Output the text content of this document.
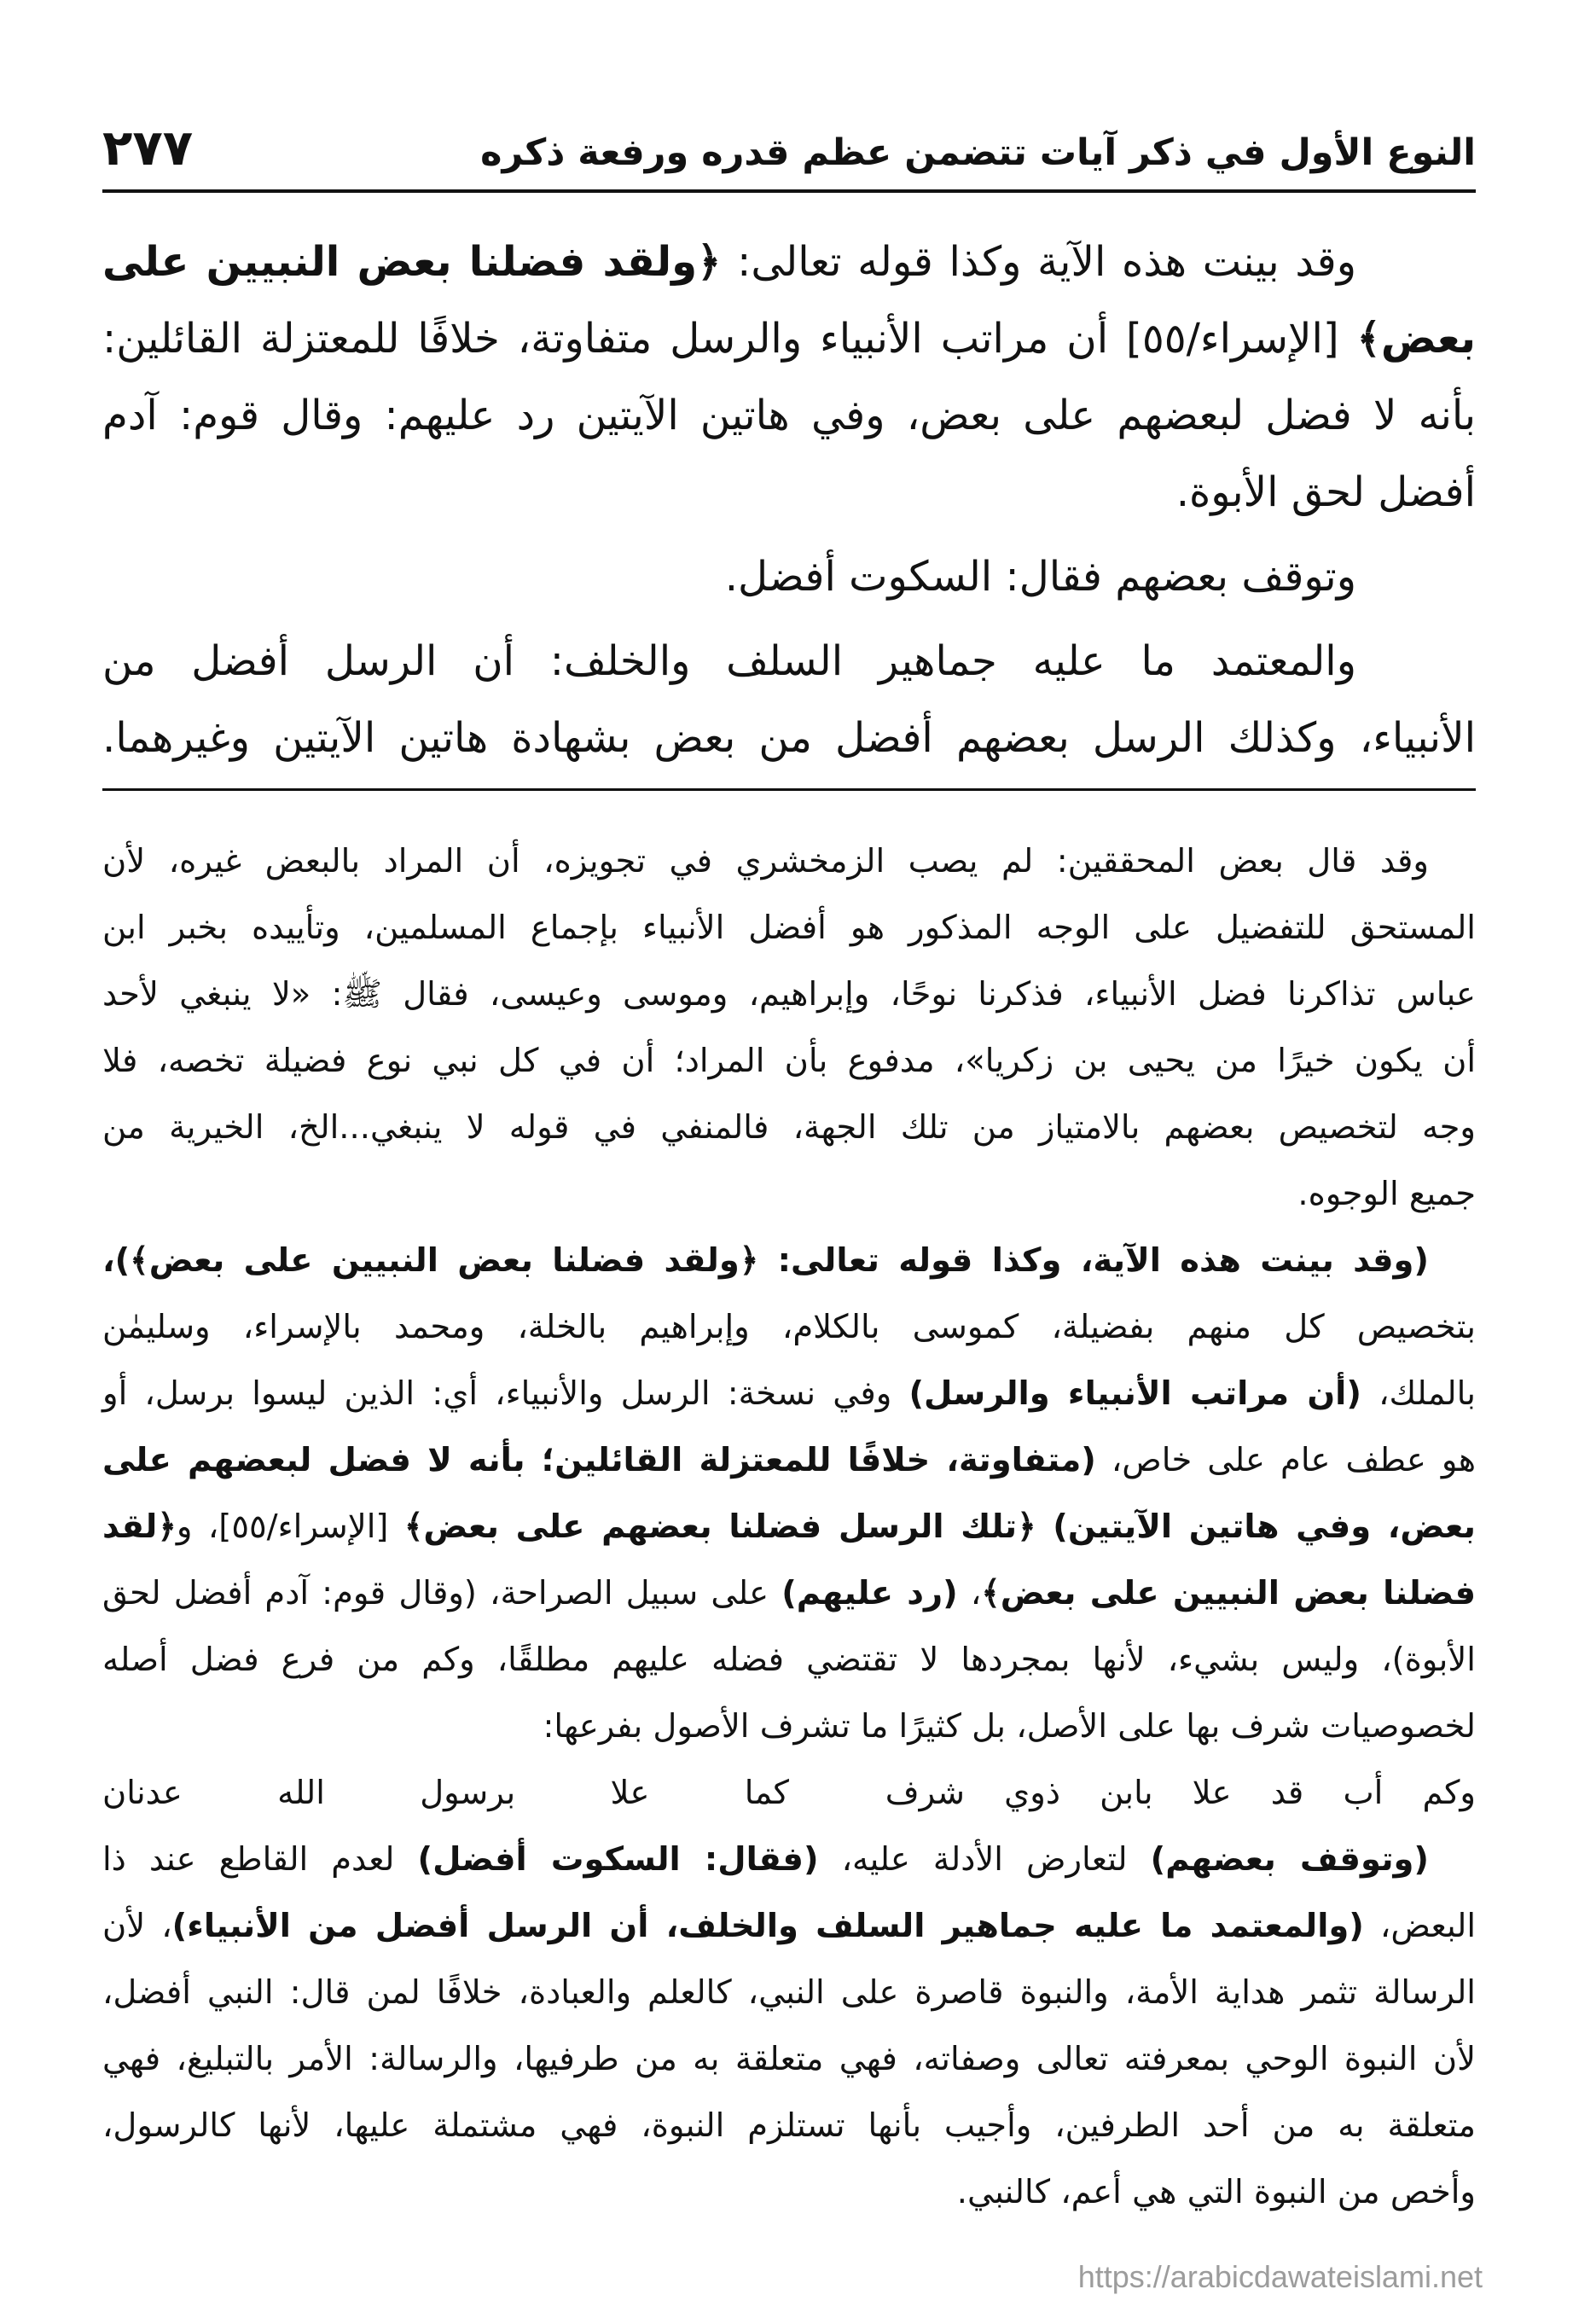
النوع الأول في ذكر آيات تتضمن عظم قدره ورفعة ذكره
٢٧٧
وقد بينت هذه الآية وكذا قوله تعالى: ﴿ولقد فضلنا بعض النبيين على
بعض﴾ [الإسراء/٥٥] أن مراتب الأنبياء والرسل متفاوتة، خلافًا للمعتزلة القائلين:
بأنه لا فضل لبعضهم على بعض، وفي هاتين الآيتين رد عليهم: وقال قوم: آدم
أفضل لحق الأبوة.
وتوقف بعضهم فقال: السكوت أفضل.
والمعتمد ما عليه جماهير السلف والخلف: أن الرسل أفضل من
الأنبياء، وكذلك الرسل بعضهم أفضل من بعض بشهادة هاتين الآيتين وغيرهما.
وقد قال بعض المحققين: لم يصب الزمخشري في تجويزه، أن المراد بالبعض غيره، لأن
المستحق للتفضيل على الوجه المذكور هو أفضل الأنبياء بإجماع المسلمين، وتأييده بخبر ابن
عباس تذاكرنا فضل الأنبياء، فذكرنا نوحًا، وإبراهيم، وموسى وعيسى، فقال ﷺ: «لا ينبغي لأحد
أن يكون خيرًا من يحيى بن زكريا»، مدفوع بأن المراد؛ أن في كل نبي نوع فضيلة تخصه، فلا
وجه لتخصيص بعضهم بالامتياز من تلك الجهة، فالمنفي في قوله لا ينبغي...الخ، الخيرية من
جميع الوجوه.
(وقد بينت هذه الآية، وكذا قوله تعالى: ﴿ولقد فضلنا بعض النبيين على بعض﴾)،
بتخصيص كل منهم بفضيلة، كموسى بالكلام، وإبراهيم بالخلة، ومحمد بالإسراء، وسليمٰن
بالملك، (أن مراتب الأنبياء والرسل) وفي نسخة: الرسل والأنبياء، أي: الذين ليسوا برسل، أو
هو عطف عام على خاص، (متفاوتة، خلافًا للمعتزلة القائلين؛ بأنه لا فضل لبعضهم على
بعض، وفي هاتين الآيتين) ﴿تلك الرسل فضلنا بعضهم على بعض﴾ [الإسراء/٥٥]، و﴿لقد
فضلنا بعض النبيين على بعض﴾، (رد عليهم) على سبيل الصراحة، (وقال قوم: آدم أفضل لحق
الأبوة)، وليس بشيء، لأنها بمجردها لا تقتضي فضله عليهم مطلقًا، وكم من فرع فضل أصله
لخصوصيات شرف بها على الأصل، بل كثيرًا ما تشرف الأصول بفرعها:
وكم أب قد علا بابن ذوي شرف
كما علا برسول الله عدنان
(وتوقف بعضهم) لتعارض الأدلة عليه، (فقال: السكوت أفضل) لعدم القاطع عند ذا
البعض، (والمعتمد ما عليه جماهير السلف والخلف، أن الرسل أفضل من الأنبياء)، لأن
الرسالة تثمر هداية الأمة، والنبوة قاصرة على النبي، كالعلم والعبادة، خلافًا لمن قال: النبي أفضل،
لأن النبوة الوحي بمعرفته تعالى وصفاته، فهي متعلقة به من طرفيها، والرسالة: الأمر بالتبليغ، فهي
متعلقة به من أحد الطرفين، وأجيب بأنها تستلزم النبوة، فهي مشتملة عليها، لأنها كالرسول،
وأخص من النبوة التي هي أعم، كالنبي.
https://arabicdawateislami.net
